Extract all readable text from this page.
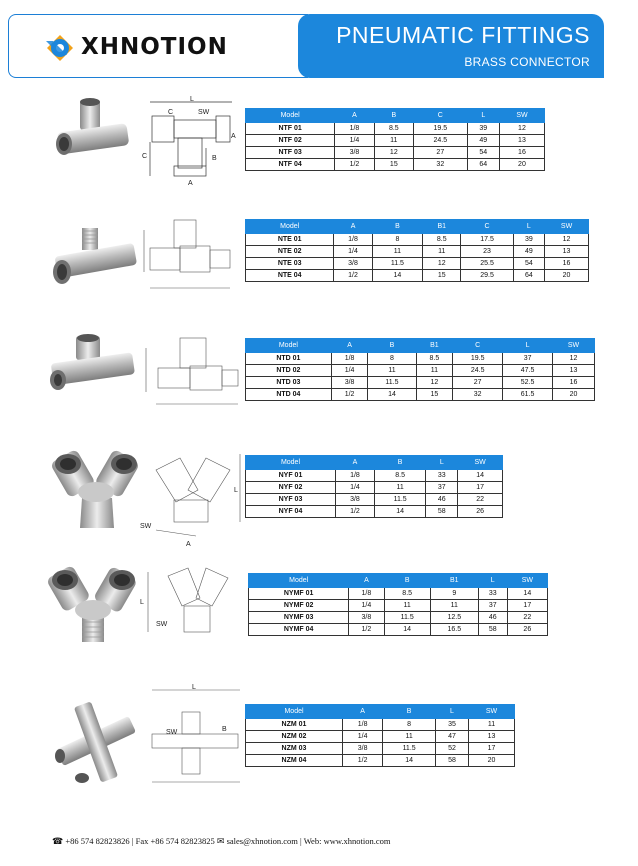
XHNOTION	PNEUMATIC FITTINGS
BRASS CONNECTOR
L
C	SW
A
B
C
A
Model	A	B	C	L	SW
NTF 01	1/8	8.5	19.5	39	12
NTF 02	1/4	11	24.5	49	13
NTF 03	3/8	12	27	54	16
NTF 04	1/2	15	32	64	20
Model	A	B	B1	C	L	SW
NTE 01	1/8	8	8.5	17.5	39	12
NTE 02	1/4	11	11	23	49	13
NTE 03	3/8	11.5	12	25.5	54	16
NTE 04	1/2	14	15	29.5	64	20
Model	A	B	B1	C	L	SW
NTD 01	1/8	8	8.5	19.5	37	12
NTD 02	1/4	11	11	24.5	47.5	13
NTD 03	3/8	11.5	12	27	52.5	16
NTD 04	1/2	14	15	32	61.5	20
SW
A
L
Model	A	B	L	SW
NYF 01	1/8	8.5	33	14
NYF 02	1/4	11	37	17
NYF 03	3/8	11.5	46	22
NYF 04	1/2	14	58	26
SW
L
Model	A	B	B1	L	SW
NYMF 01	1/8	8.5	9	33	14
NYMF 02	1/4	11	11	37	17
NYMF 03	3/8	11.5	12.5	46	22
NYMF 04	1/2	14	16.5	58	26
L
SW	B
Model	A	B	L	SW
NZM 01	1/8	8	35	11
NZM 02	1/4	11	47	13
NZM 03	3/8	11.5	52	17
NZM 04	1/2	14	58	20
☎ +86 574 82823826 | Fax +86 574 82823825 ✉ sales@xhnotion.com | Web: www.xhnotion.com
